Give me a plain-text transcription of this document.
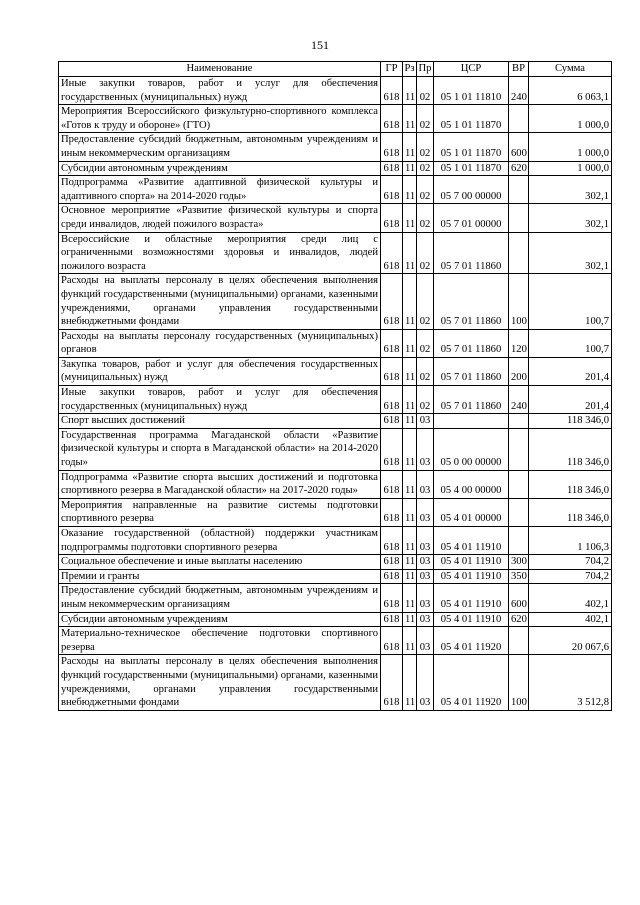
151
Наименование	ГР	Рз	Пр	ЦСР	ВР	Сумма
Иные закупки товаров, работ и услуг для обеспечения государственных (муниципальных) нужд	618	11	02	05 1 01 11810	240	6 063,1
Мероприятия Всероссийского физкультурно-спортивного комплекса «Готов к труду и обороне» (ГТО)	618	11	02	05 1 01 11870		1 000,0
Предоставление субсидий бюджетным, автономным учреждениям и иным некоммерческим организациям	618	11	02	05 1 01 11870	600	1 000,0
Субсидии автономным учреждениям	618	11	02	05 1 01 11870	620	1 000,0
Подпрограмма «Развитие адаптивной физической культуры и адаптивного спорта» на 2014-2020 годы»	618	11	02	05 7 00 00000		302,1
Основное мероприятие «Развитие физической культуры и спорта среди инвалидов, людей пожилого возраста»	618	11	02	05 7 01 00000		302,1
Всероссийские и областные мероприятия среди лиц с ограниченными возможностями здоровья и инвалидов, людей пожилого возраста	618	11	02	05 7 01 11860		302,1
Расходы на выплаты персоналу в целях обеспечения выполнения функций государственными (муниципальными) органами, казенными учреждениями, органами управления государственными внебюджетными фондами	618	11	02	05 7 01 11860	100	100,7
Расходы на выплаты персоналу государственных (муниципальных) органов	618	11	02	05 7 01 11860	120	100,7
Закупка товаров, работ и услуг для обеспечения государственных (муниципальных) нужд	618	11	02	05 7 01 11860	200	201,4
Иные закупки товаров, работ и услуг для обеспечения государственных (муниципальных) нужд	618	11	02	05 7 01 11860	240	201,4
Спорт высших достижений	618	11	03			118 346,0
Государственная программа Магаданской области «Развитие физической культуры и спорта в Магаданской области» на 2014-2020 годы»	618	11	03	05 0 00 00000		118 346,0
Подпрограмма «Развитие спорта высших достижений и подготовка спортивного резерва в Магаданской области» на 2017-2020 годы»	618	11	03	05 4 00 00000		118 346,0
Мероприятия направленные на развитие системы подготовки спортивного резерва	618	11	03	05 4 01 00000		118 346,0
Оказание государственной (областной) поддержки участникам подпрограммы подготовки спортивного резерва	618	11	03	05 4 01 11910		1 106,3
Социальное обеспечение и иные выплаты населению	618	11	03	05 4 01 11910	300	704,2
Премии и гранты	618	11	03	05 4 01 11910	350	704,2
Предоставление субсидий бюджетным, автономным учреждениям и иным некоммерческим организациям	618	11	03	05 4 01 11910	600	402,1
Субсидии автономным учреждениям	618	11	03	05 4 01 11910	620	402,1
Материально-техническое обеспечение подготовки спортивного резерва	618	11	03	05 4 01 11920		20 067,6
Расходы на выплаты персоналу в целях обеспечения выполнения функций государственными (муниципальными) органами, казенными учреждениями, органами управления государственными внебюджетными фондами	618	11	03	05 4 01 11920	100	3 512,8
